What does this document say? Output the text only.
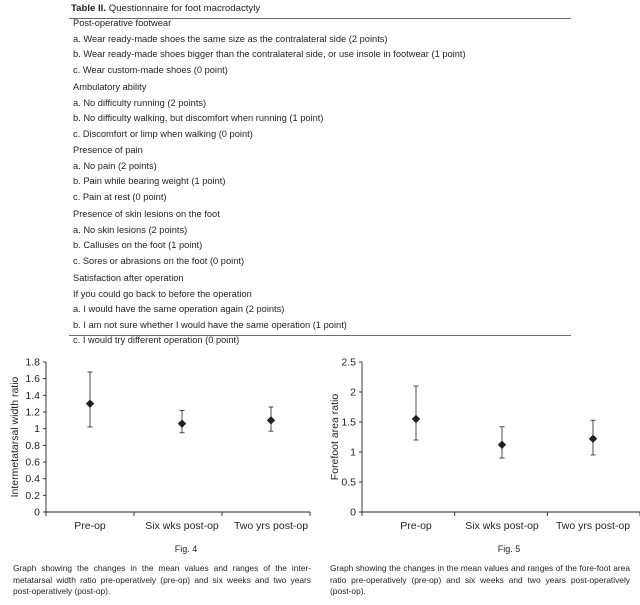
Table II. Questionnaire for foot macrodactyly
Post-operative footwear
a. Wear ready-made shoes the same size as the contralateral side (2 points)
b. Wear ready-made shoes bigger than the contralateral side, or use insole in footwear (1 point)
c. Wear custom-made shoes (0 point)
Ambulatory ability
a. No difficulty running (2 points)
b. No difficulty walking, but discomfort when running (1 point)
c. Discomfort or limp when walking (0 point)
Presence of pain
a. No pain (2 points)
b. Pain while bearing weight (1 point)
c. Pain at rest (0 point)
Presence of skin lesions on the foot
a. No skin lesions (2 points)
b. Calluses on the foot (1 point)
c. Sores or abrasions on the foot (0 point)
Satisfaction after operation
If you could go back to before the operation
a. I would have the same operation again (2 points)
b. I am not sure whether I would have the same operation (1 point)
c. I would try different operation (0 point)
0
0.2
0.4
0.6
0.8
1
1.2
1.4
1.6
1.8
Pre-op	Six wks post-op Two yrs post-op
Intermetatarsal width ratio
Fig. 4
Graph showing the changes in the mean values and ranges of the inter-metatarsal width ratio pre-operatively (pre-op) and six weeks and two years post-operatively (post-op).
0
0.5
1
1.5
2
2.5
Pre-op	Six wks post-op Two yrs post-op
Forefoot area ratio
Fig. 5
Graph showing the changes in the mean values and ranges of the fore-foot area ratio pre-operatively (pre-op) and six weeks and two years post-operatively (post-op).
